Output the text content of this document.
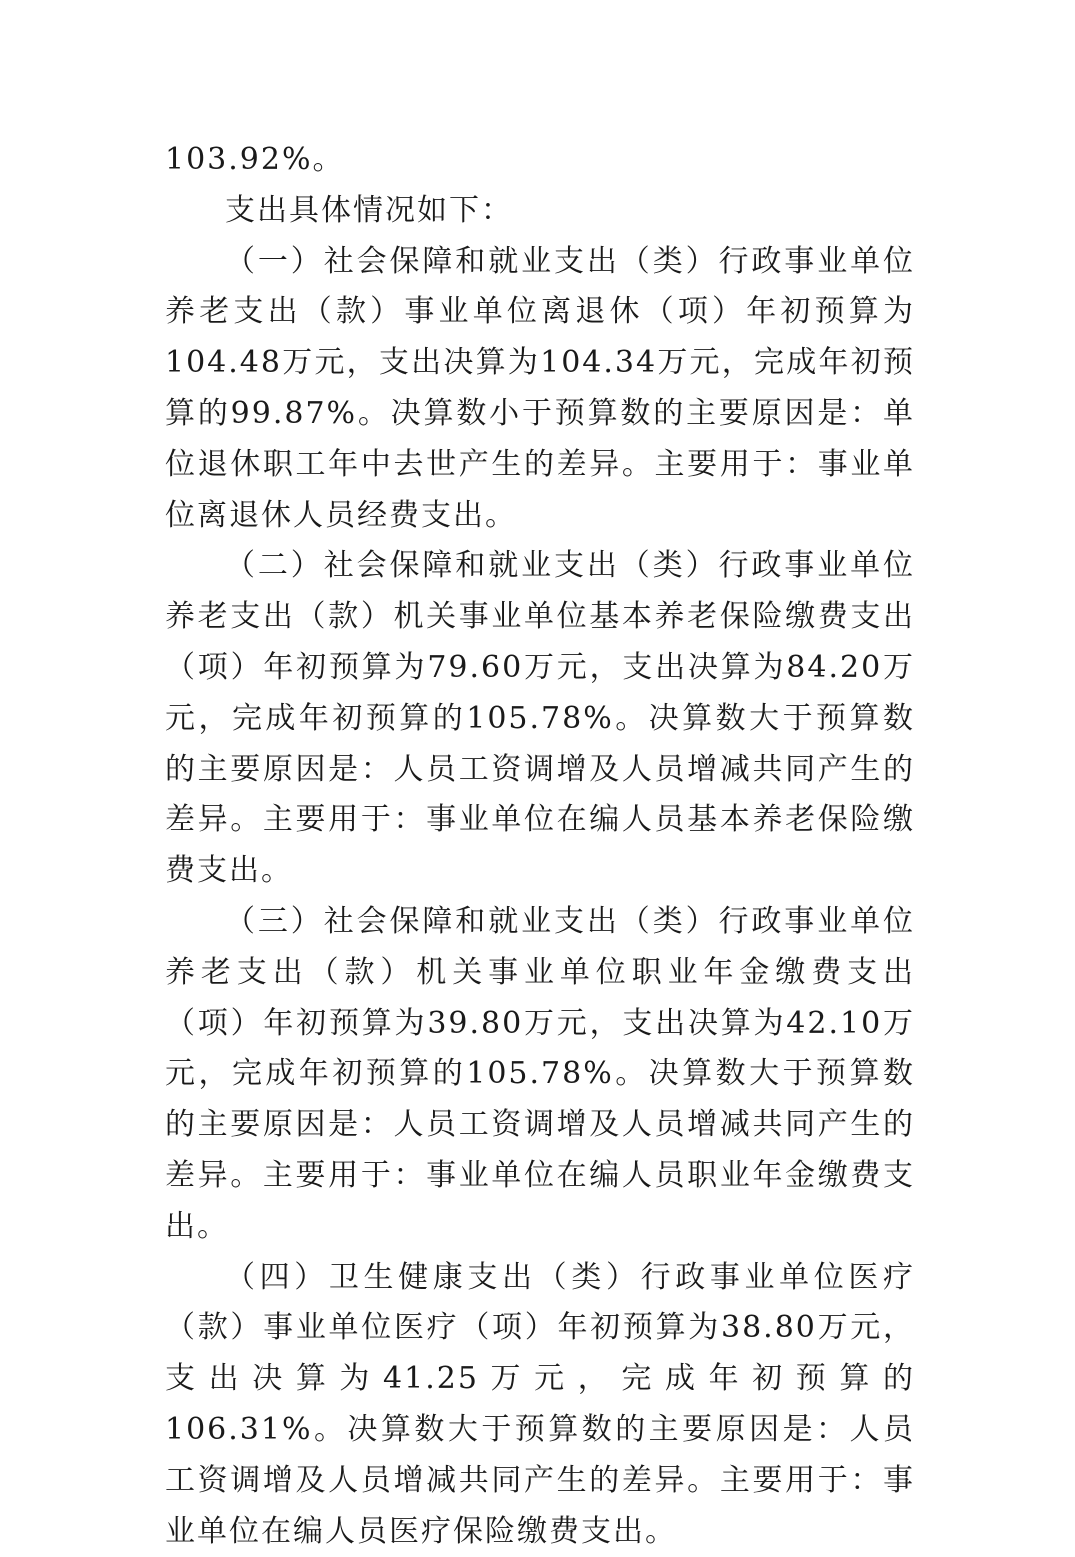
103.92%。

支出具体情况如下：

（一）社会保障和就业支出（类）行政事业单位养老支出（款）事业单位离退休（项）年初预算为104.48万元，支出决算为104.34万元，完成年初预算的99.87%。决算数小于预算数的主要原因是：单位退休职工年中去世产生的差异。主要用于：事业单位离退休人员经费支出。

（二）社会保障和就业支出（类）行政事业单位养老支出（款）机关事业单位基本养老保险缴费支出（项）年初预算为79.60万元，支出决算为84.20万元，完成年初预算的105.78%。决算数大于预算数的主要原因是：人员工资调增及人员增减共同产生的差异。主要用于：事业单位在编人员基本养老保险缴费支出。

（三）社会保障和就业支出（类）行政事业单位养老支出（款）机关事业单位职业年金缴费支出（项）年初预算为39.80万元，支出决算为42.10万元，完成年初预算的105.78%。决算数大于预算数的主要原因是：人员工资调增及人员增减共同产生的差异。主要用于：事业单位在编人员职业年金缴费支出。

（四）卫生健康支出（类）行政事业单位医疗（款）事业单位医疗（项）年初预算为38.80万元，支出决算为41.25万元，完成年初预算的106.31%。决算数大于预算数的主要原因是：人员工资调增及人员增减共同产生的差异。主要用于：事业单位在编人员医疗保险缴费支出。
